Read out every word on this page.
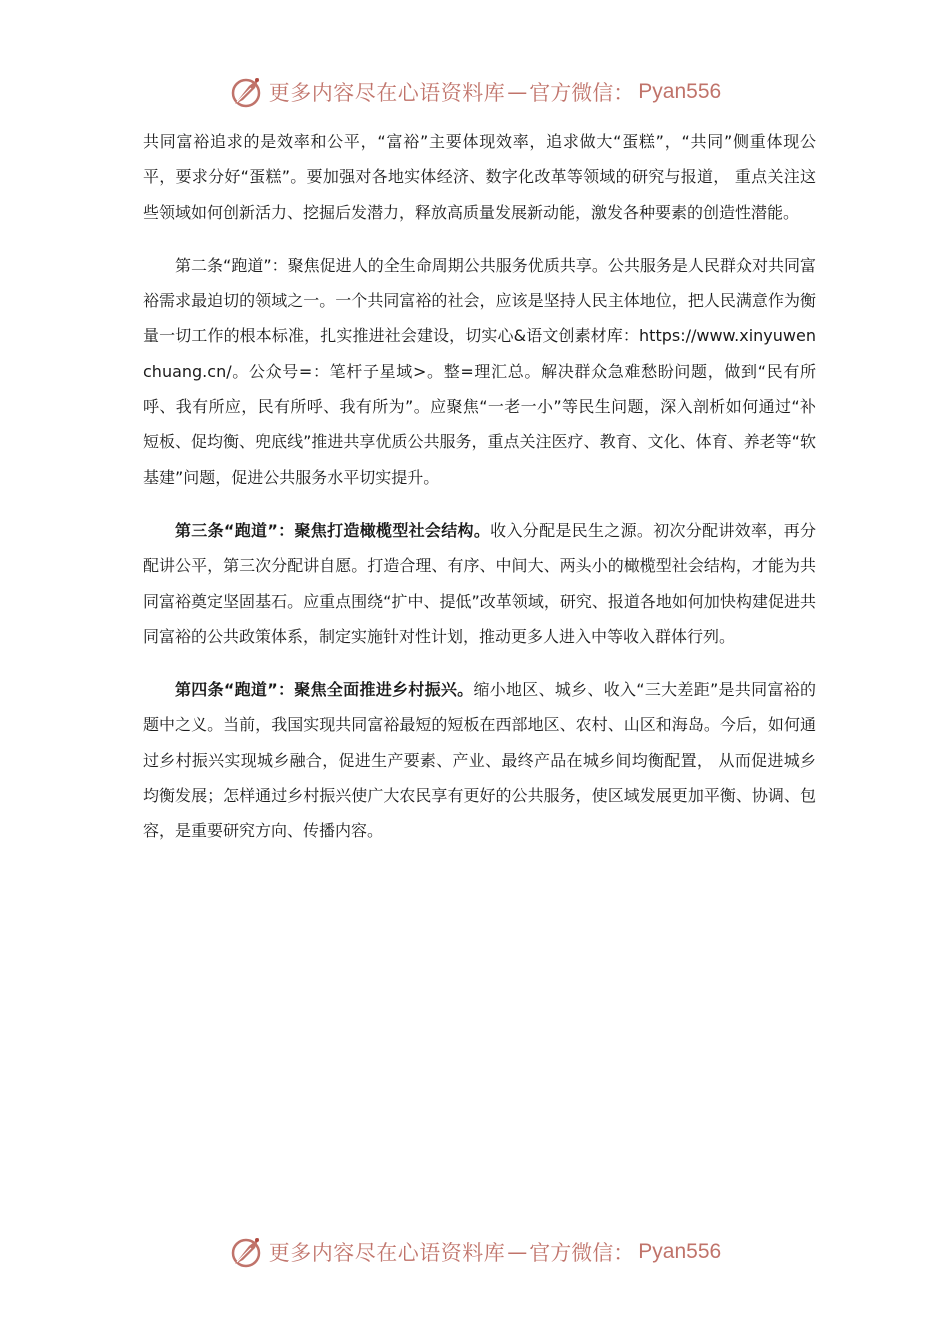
更多内容尽在心语资料库 — 官方微信： Pyan556

共同富裕追求的是效率和公平，“富裕”主要体现效率，追求做大“蛋糕”，“共同”侧重体现公平，要求分好“蛋糕”。要加强对各地实体经济、数字化改革等领域的研究与报道， 重点关注这些领域如何创新活力、挖掘后发潜力，释放高质量发展新动能，激发各种要素的创造性潜能。

第二条“跑道”：聚焦促进人的全生命周期公共服务优质共享。公共服务是人民群众对共同富裕需求最迫切的领域之一。一个共同富裕的社会，应该是坚持人民主体地位，把人民满意作为衡量一切工作的根本标准，扎实推进社会建设，切实心&语文创素材库：https://www.xinyuwenchuang.cn/。公众号=：笔杆子星域>。整=理汇总。解决群众急难愁盼问题，做到“民有所呼、我有所应，民有所呼、我有所为”。应聚焦“一老一小”等民生问题，深入剖析如何通过“补短板、促均衡、兜底线”推进共享优质公共服务，重点关注医疗、教育、文化、体育、养老等“软基建”问题，促进公共服务水平切实提升。

第三条“跑道”：聚焦打造橄榄型社会结构。收入分配是民生之源。初次分配讲效率，再分配讲公平，第三次分配讲自愿。打造合理、有序、中间大、两头小的橄榄型社会结构，才能为共同富裕奠定坚固基石。应重点围绕“扩中、提低”改革领域，研究、报道各地如何加快构建促进共同富裕的公共政策体系，制定实施针对性计划，推动更多人进入中等收入群体行列。

第四条“跑道”：聚焦全面推进乡村振兴。缩小地区、城乡、收入“三大差距”是共同富裕的题中之义。当前，我国实现共同富裕最短的短板在西部地区、农村、山区和海岛。今后，如何通过乡村振兴实现城乡融合，促进生产要素、产业、最终产品在城乡间均衡配置， 从而促进城乡均衡发展；怎样通过乡村振兴使广大农民享有更好的公共服务，使区域发展更加平衡、协调、包容，是重要研究方向、传播内容。

更多内容尽在心语资料库 — 官方微信： Pyan556
